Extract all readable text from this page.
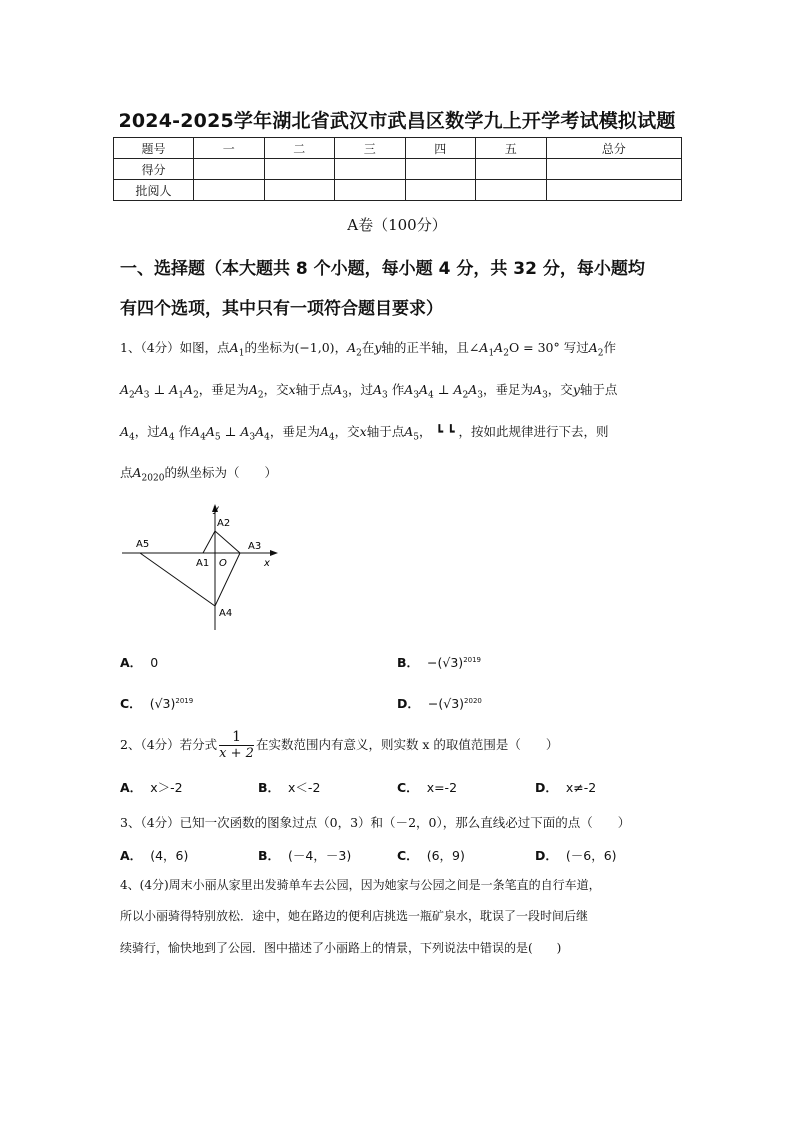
2024-2025学年湖北省武汉市武昌区数学九上开学考试模拟试题
题号	一	二	三	四	五	总分
得分						
批阅人						
A卷（100分）
一、选择题（本大题共 8 个小题，每小题 4 分，共 32 分，每小题均
有四个选项，其中只有一项符合题目要求）
1、（4分）如图，点$A_1$的坐标为(−1,0)，$A_2$在y轴的正半轴，且$\angle A_1A_2O = 30^\circ$ 写过$A_2$作
$A_2A_3$ ⊥ $A_1A_2$，垂足为$A_2$，交x轴于点$A_3$，过$A_3$ 作$A_3A_4$ ⊥ $A_2A_3$，垂足为$A_3$，交y轴于点
$A_4$，过$A_4$ 作$A_4A_5$ ⊥ $A_3A_4$，垂足为$A_4$，交x轴于点$A_5$， ┗ ┗ ，按如此规律进行下去，则
点$A_{2020}$的纵坐标为（　　）
y
A2
A5	A3
A1 O	x
A4
A． 0	B． $-(√3)^{2019}$
C． $(√3)^{2019}$	D． $-(√3)^{2020}$
2、（4分）若分式 $\frac{1}{x + 2}$ 在实数范围内有意义，则实数 x 的取值范围是（　　）
A． x＞-2	B． x＜-2	C． x=-2	D． x≠-2
3、（4分）已知一次函数的图象过点（0，3）和（－2，0），那么直线必过下面的点（　　）
A． (4，6)	B． (－4，－3)	C． (6，9)	D． (－6，6)
4、(4分)周末小丽从家里出发骑单车去公园，因为她家与公园之间是一条笔直的自行车道，
所以小丽骑得特别放松．途中，她在路边的便利店挑选一瓶矿泉水，耽误了一段时间后继
续骑行，愉快地到了公园．图中描述了小丽路上的情景，下列说法中错误的是(　　)
